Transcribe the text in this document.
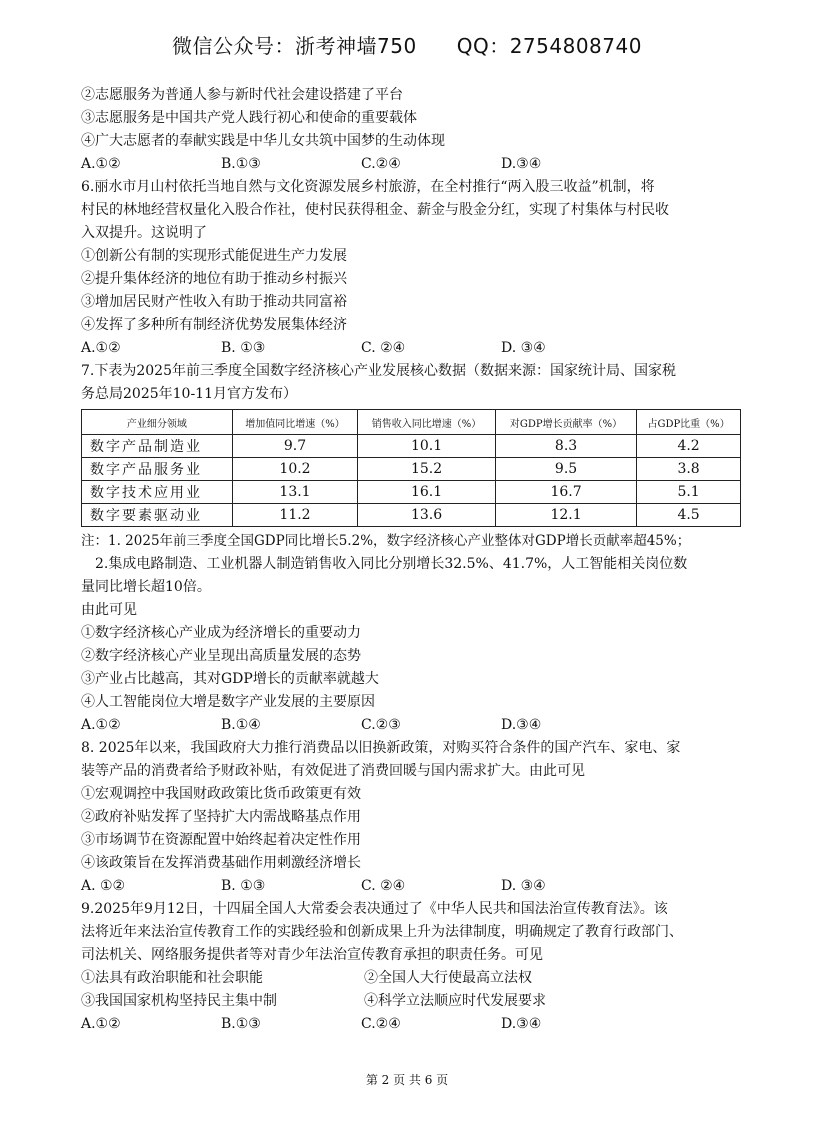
微信公众号：浙考神墙750 QQ：2754808740
②志愿服务为普通人参与新时代社会建设搭建了平台
③志愿服务是中国共产党人践行初心和使命的重要载体
④广大志愿者的奉献实践是中华儿女共筑中国梦的生动体现
A.①②	B.①③	C.②④	D.③④
6.丽水市月山村依托当地自然与文化资源发展乡村旅游，在全村推行“两入股三收益”机制，将
村民的林地经营权量化入股合作社，使村民获得租金、薪金与股金分红，实现了村集体与村民收
入双提升。这说明了
①创新公有制的实现形式能促进生产力发展
②提升集体经济的地位有助于推动乡村振兴
③增加居民财产性收入有助于推动共同富裕
④发挥了多种所有制经济优势发展集体经济
A.①②	B. ①③	C. ②④	D. ③④
7.下表为2025年前三季度全国数字经济核心产业发展核心数据（数据来源：国家统计局、国家税
务总局2025年10-11月官方发布）
产业细分领域	增加值同比增速（%）	销售收入同比增速（%）	对GDP增长贡献率（%）	占GDP比重（%）
数字产品制造业	9.7	10.1	8.3	4.2
数字产品服务业	10.2	15.2	9.5	3.8
数字技术应用业	13.1	16.1	16.7	5.1
数字要素驱动业	11.2	13.6	12.1	4.5
注：1. 2025年前三季度全国GDP同比增长5.2%，数字经济核心产业整体对GDP增长贡献率超45%；
2.集成电路制造、工业机器人制造销售收入同比分别增长32.5%、41.7%，人工智能相关岗位数
量同比增长超10倍。
由此可见
①数字经济核心产业成为经济增长的重要动力
②数字经济核心产业呈现出高质量发展的态势
③产业占比越高，其对GDP增长的贡献率就越大
④人工智能岗位大增是数字产业发展的主要原因
A.①②	B.①④	C.②③	D.③④
8. 2025年以来，我国政府大力推行消费品以旧换新政策，对购买符合条件的国产汽车、家电、家
装等产品的消费者给予财政补贴，有效促进了消费回暖与国内需求扩大。由此可见
①宏观调控中我国财政政策比货币政策更有效
②政府补贴发挥了坚持扩大内需战略基点作用
③市场调节在资源配置中始终起着决定性作用
④该政策旨在发挥消费基础作用刺激经济增长
A. ①②	B. ①③	C. ②④	D. ③④
9.2025年9月12日，十四届全国人大常委会表决通过了《中华人民共和国法治宣传教育法》。该
法将近年来法治宣传教育工作的实践经验和创新成果上升为法律制度，明确规定了教育行政部门、
司法机关、网络服务提供者等对青少年法治宣传教育承担的职责任务。可见
①法具有政治职能和社会职能	②全国人大行使最高立法权
③我国国家机构坚持民主集中制	④科学立法顺应时代发展要求
A.①②	B.①③	C.②④	D.③④
第 2 页 共 6 页
